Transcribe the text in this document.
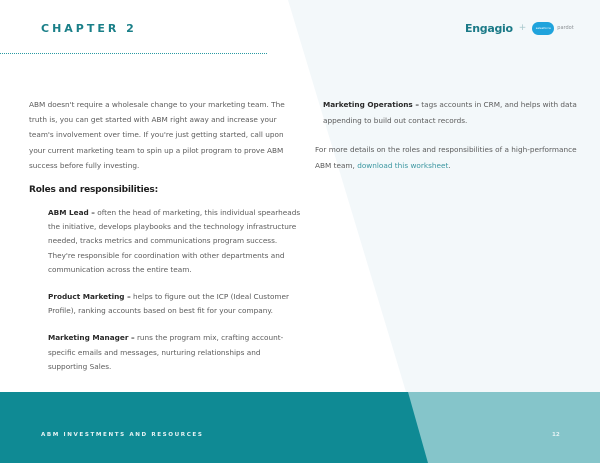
CHAPTER 2	Engagio +	salesforce pardot

ABM doesn't require a wholesale change to your marketing team. The truth is, you can get started with ABM right away and increase your team's involvement over time. If you're just getting started, call upon your current marketing team to spin up a pilot program to prove ABM success before fully investing.

Roles and responsibilities:

ABM Lead – often the head of marketing, this individual spearheads the initiative, develops playbooks and the technology infrastructure needed, tracks metrics and communications program success. They're responsible for coordination with other departments and communication across the entire team.

Product Marketing – helps to figure out the ICP (Ideal Customer Profile), ranking accounts based on best fit for your company.

Marketing Manager – runs the program mix, crafting account-specific emails and messages, nurturing relationships and supporting Sales.

Marketing Operations – tags accounts in CRM, and helps with data appending to build out contact records.

For more details on the roles and responsibilities of a high-performance ABM team, download this worksheet.

ABM INVESTMENTS AND RESOURCES	12
